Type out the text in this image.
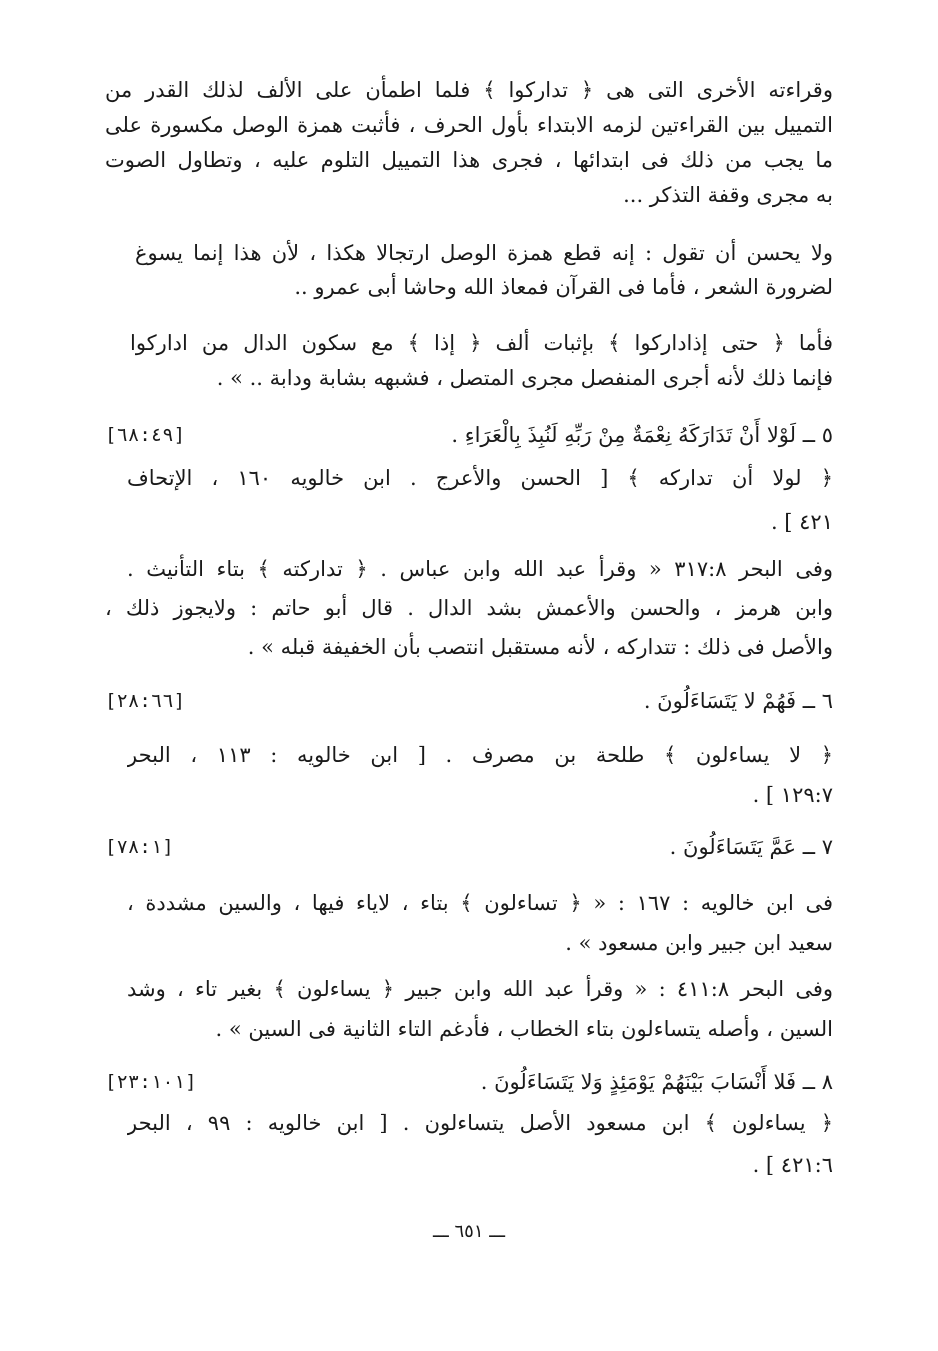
وقراءته الأخرى التى هى ﴿ تداركوا ﴾ فلما اطمأن على الألف لذلك القدر من
التمييل بين القراءتين لزمه الابتداء بأول الحرف ، فأثبت همزة الوصل مكسورة على
ما يجب من ذلك فى ابتدائها ، فجرى هذا التمييل التلوم عليه ، وتطاول الصوت
به مجرى وقفة التذكر ...
ولا يحسن أن تقول : إنه قطع همزة الوصل ارتجالا هكذا ، لأن هذا إنما يسوغ
لضرورة الشعر ، فأما فى القرآن فمعاذ الله وحاشا أبى عمرو ..
فأما ﴿ حتى إذاداركوا ﴾ بإثبات ألف ﴿ إذا ﴾ مع سكون الدال من اداركوا
فإنما ذلك لأنه أجرى المنفصل مجرى المتصل ، فشبهه بشابة ودابة .. » .
٥ ــ لَوْلا أَنْ تَدَارَكَهُ نِعْمَةٌ مِنْ رَبِّهِ لَنُبِذَ بِالْعَرَاءِ .
[٦٨:٤٩]
﴿ لولا أن تداركه ﴾ [ الحسن والأعرج . ابن خالويه ١٦٠ ، الإتحاف
٤٢١ ] .
وفى البحر ٣١٧:٨ « وقرأ عبد الله وابن عباس . ﴿ تداركته ﴾ بتاء التأنيث .
وابن هرمز ، والحسن والأعمش بشد الدال . قال أبو حاتم : ولايجوز ذلك ،
والأصل فى ذلك : تتداركه ، لأنه مستقبل انتصب بأن الخفيفة قبله » .
٦ ــ فَهُمْ لا يَتَسَاءَلُونَ .
[٢٨:٦٦]
﴿ لا يساءلون ﴾ طلحة بن مصرف . [ ابن خالويه : ١١٣ ، البحر
١٢٩:٧ ] .
٧ ــ عَمَّ يَتَسَاءَلُونَ .
[٧٨:١]
فى ابن خالويه : ١٦٧ : « ﴿ تساءلون ﴾ بتاء ، لاياء فيها ، والسين مشددة ،
سعيد ابن جبير وابن مسعود » .
وفى البحر ٤١١:٨ : « وقرأ عبد الله وابن جبير ﴿ يساءلون ﴾ بغير تاء ، وشد
السين ، وأصله يتساءلون بتاء الخطاب ، فأدغم التاء الثانية فى السين » .
٨ ــ فَلا أَنْسَابَ بَيْنَهُمْ يَوْمَئِذٍ وَلا يَتَسَاءَلُونَ .
[٢٣:١٠١]
﴿ يساءلون ﴾ ابن مسعود الأصل يتساءلون . [ ابن خالويه : ٩٩ ، البحر
٤٢١:٦ ] .
ـــ ٦٥١ ـــ
